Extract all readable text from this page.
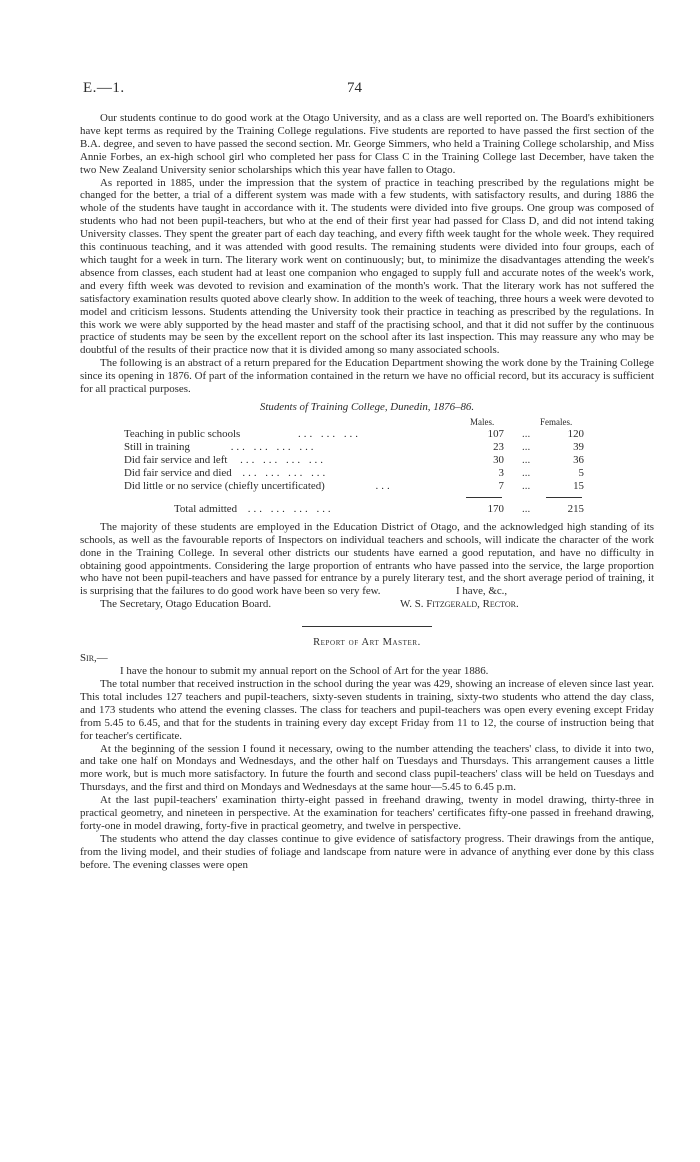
E.—1.	74

Our students continue to do good work at the Otago University, and as a class are well reported on. The Board's exhibitioners have kept terms as required by the Training College regulations. Five students are reported to have passed the first section of the B.A. degree, and seven to have passed the second section. Mr. George Simmers, who held a Training College scholarship, and Miss Annie Forbes, an ex-high school girl who completed her pass for Class C in the Training College last December, have taken the two New Zealand University senior scholarships which this year have fallen to Otago.

As reported in 1885, under the impression that the system of practice in teaching prescribed by the regulations might be changed for the better, a trial of a different system was made with a few students, with satisfactory results, and during 1886 the whole of the students have taught in accordance with it. The students were divided into five groups. One group was composed of students who had not been pupil-teachers, but who at the end of their first year had passed for Class D, and did not intend taking University classes. They spent the greater part of each day teaching, and every fifth week taught for the whole week. They required this continuous teaching, and it was attended with good results. The remaining students were divided into four groups, each of which taught for a week in turn. The literary work went on continuously; but, to minimize the disadvantages attending the week's absence from classes, each student had at least one companion who engaged to supply full and accurate notes of the week's work, and every fifth week was devoted to revision and examination of the month's work. That the literary work has not suffered the satisfactory examination results quoted above clearly show. In addition to the week of teaching, three hours a week were devoted to model and criticism lessons. Students attending the University took their practice in teaching as prescribed by the regulations. In this work we were ably supported by the head master and staff of the practising school, and that it did not suffer by the continuous practice of students may be seen by the excellent report on the school after its last inspection. This may reassure any who may be doubtful of the results of their practice now that it is divided among so many associated schools.

The following is an abstract of a return prepared for the Education Department showing the work done by the Training College since its opening in 1876. Of part of the information contained in the return we have no official record, but its accuracy is sufficient for all practical purposes.

Students of Training College, Dunedin, 1876–86.
Males.	Females.
Teaching in public schools	... ... ...	107 ...	120
Still in training	... ... ... ...	23 ...	39
Did fair service and left ... ... ... ...	30 ...	36
Did fair service and died ... ... ... ...	3 ...	5
Did little or no service (chiefly uncertificated)	...	7 ...	15
Total admitted ... ... ... ...	170 ...	215

The majority of these students are employed in the Education District of Otago, and the acknowledged high standing of its schools, as well as the favourable reports of Inspectors on individual teachers and schools, will indicate the character of the work done in the Training College. In several other districts our students have earned a good reputation, and have no difficulty in obtaining good appointments. Considering the large proportion of entrants who have passed into the service, the large proportion who have not been pupil-teachers and have passed for entrance by a purely literary test, and the short average period of training, it is surprising that the failures to do good work have been so very few.	I have, &c.,
The Secretary, Otago Education Board.	W. S. Fitzgerald, Rector.
Report of Art Master.
Sir,—

I have the honour to submit my annual report on the School of Art for the year 1886.

The total number that received instruction in the school during the year was 429, showing an increase of eleven since last year. This total includes 127 teachers and pupil-teachers, sixty-seven students in training, sixty-two students who attend the day class, and 173 students who attend the evening classes. The class for teachers and pupil-teachers was open every evening except Friday from 5.45 to 6.45, and that for the students in training every day except Friday from 11 to 12, the course of instruction being that for teacher's certificate.

At the beginning of the session I found it necessary, owing to the number attending the teachers' class, to divide it into two, and take one half on Mondays and Wednesdays, and the other half on Tuesdays and Thursdays. This arrangement causes a little more work, but is much more satisfactory. In future the fourth and second class pupil-teachers' class will be held on Tuesdays and Thursdays, and the first and third on Mondays and Wednesdays at the same hour—5.45 to 6.45 p.m.

At the last pupil-teachers' examination thirty-eight passed in freehand drawing, twenty in model drawing, thirty-three in practical geometry, and nineteen in perspective. At the examination for teachers' certificates fifty-one passed in freehand drawing, forty-one in model drawing, forty-five in practical geometry, and twelve in perspective.

The students who attend the day classes continue to give evidence of satisfactory progress. Their drawings from the antique, from the living model, and their studies of foliage and landscape from nature were in advance of anything ever done by this class before. The evening classes were open
